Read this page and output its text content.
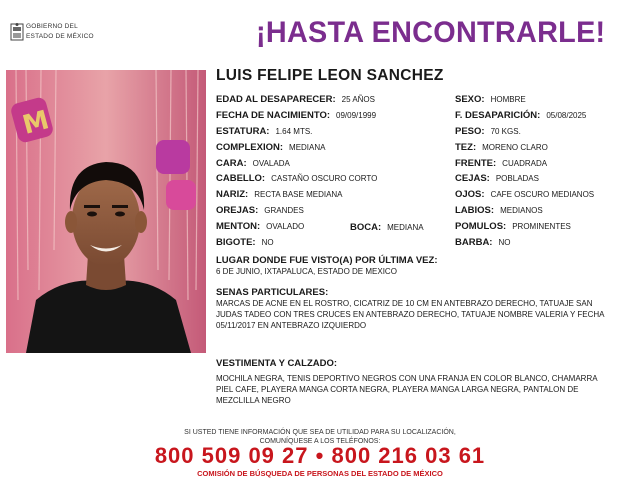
GOBIERNO DEL
ESTADO DE MÉXICO	¡HASTA ENCONTRARLE!
M
LUIS FELIPE LEON SANCHEZ
EDAD AL DESAPARECER: 25 AÑOS
FECHA DE NACIMIENTO: 09/09/1999
ESTATURA: 1.64 MTS.
COMPLEXION: MEDIANA
CARA: OVALADA
CABELLO: CASTAÑO OSCURO CORTO
NARIZ: RECTA BASE MEDIANA
OREJAS: GRANDES
MENTON: OVALADO
BIGOTE: NO
BOCA: MEDIANA
SEXO: HOMBRE
F. DESAPARICIÓN: 05/08/2025
PESO: 70 KGS.
TEZ: MORENO CLARO
FRENTE: CUADRADA
CEJAS: POBLADAS
OJOS: CAFE OSCURO MEDIANOS
LABIOS: MEDIANOS
POMULOS: PROMINENTES
BARBA: NO
LUGAR DONDE FUE VISTO(A) POR ÚLTIMA VEZ:
6 DE JUNIO, IXTAPALUCA, ESTADO DE MEXICO
SENAS PARTICULARES:
MARCAS DE ACNE EN EL ROSTRO, CICATRIZ DE 10 CM EN ANTEBRAZO DERECHO, TATUAJE SAN JUDAS TADEO CON TRES CRUCES EN ANTEBRAZO DERECHO, TATUAJE NOMBRE VALERIA Y FECHA 05/11/2017 EN ANTEBRAZO IZQUIERDO
VESTIMENTA Y CALZADO:
MOCHILA NEGRA, TENIS DEPORTIVO NEGROS CON UNA FRANJA EN COLOR BLANCO, CHAMARRA PIEL CAFE, PLAYERA MANGA CORTA NEGRA, PLAYERA MANGA LARGA NEGRA, PANTALON DE MEZCLILLA NEGRO
SI USTED TIENE INFORMACIÓN QUE SEA DE UTILIDAD PARA SU LOCALIZACIÓN,
COMUNÍQUESE A LOS TELÉFONOS:
800 509 09 27 • 800 216 03 61
COMISIÓN DE BÚSQUEDA DE PERSONAS DEL ESTADO DE MÉXICO
